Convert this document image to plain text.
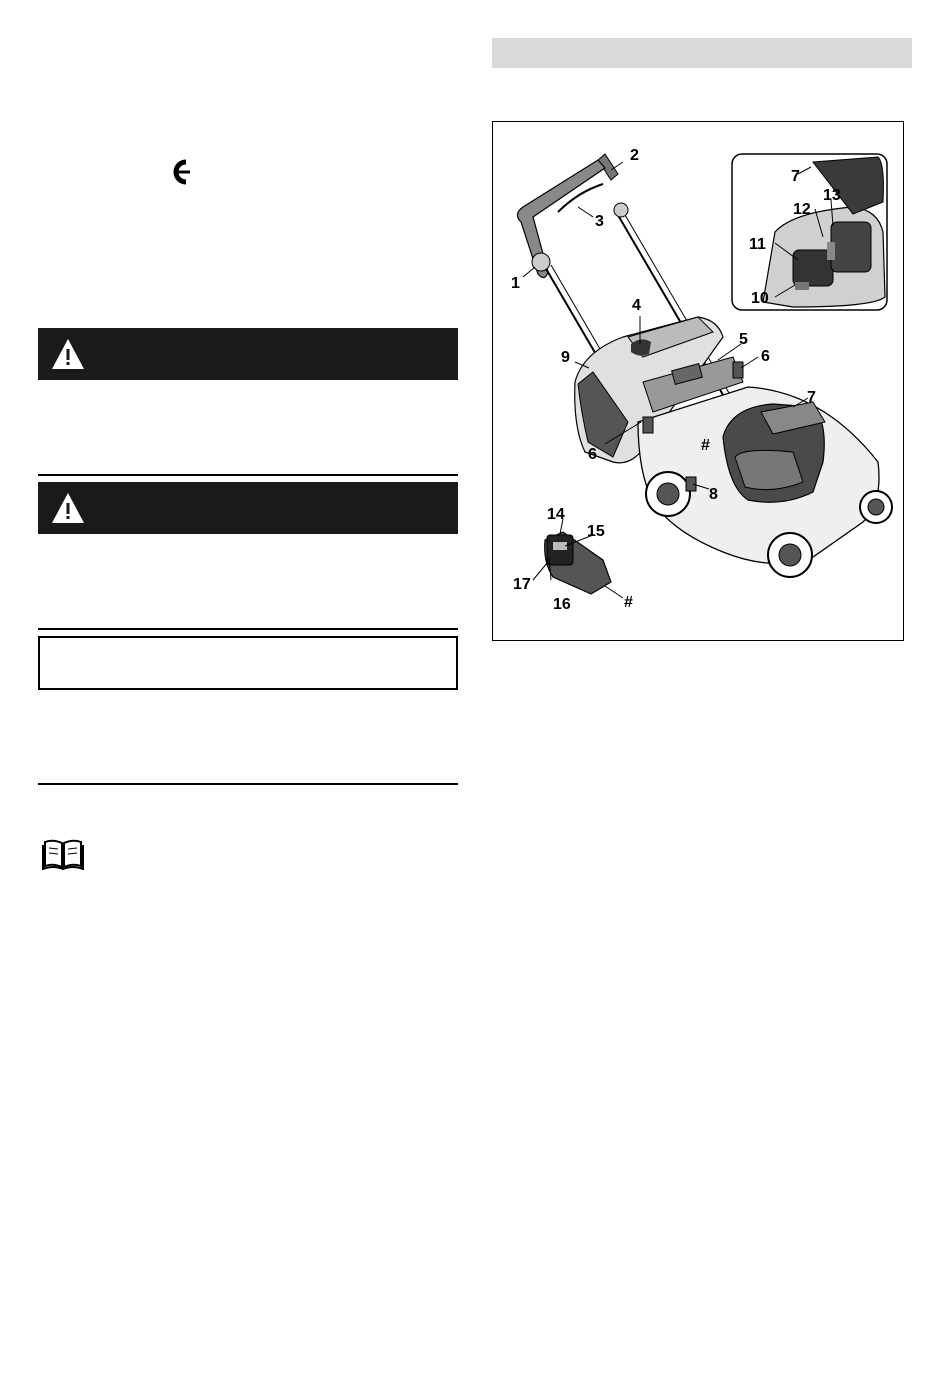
2
3
1
4
5
6
9
7
6
#
8
7
13
12
11
10
14
15
17
16	#
